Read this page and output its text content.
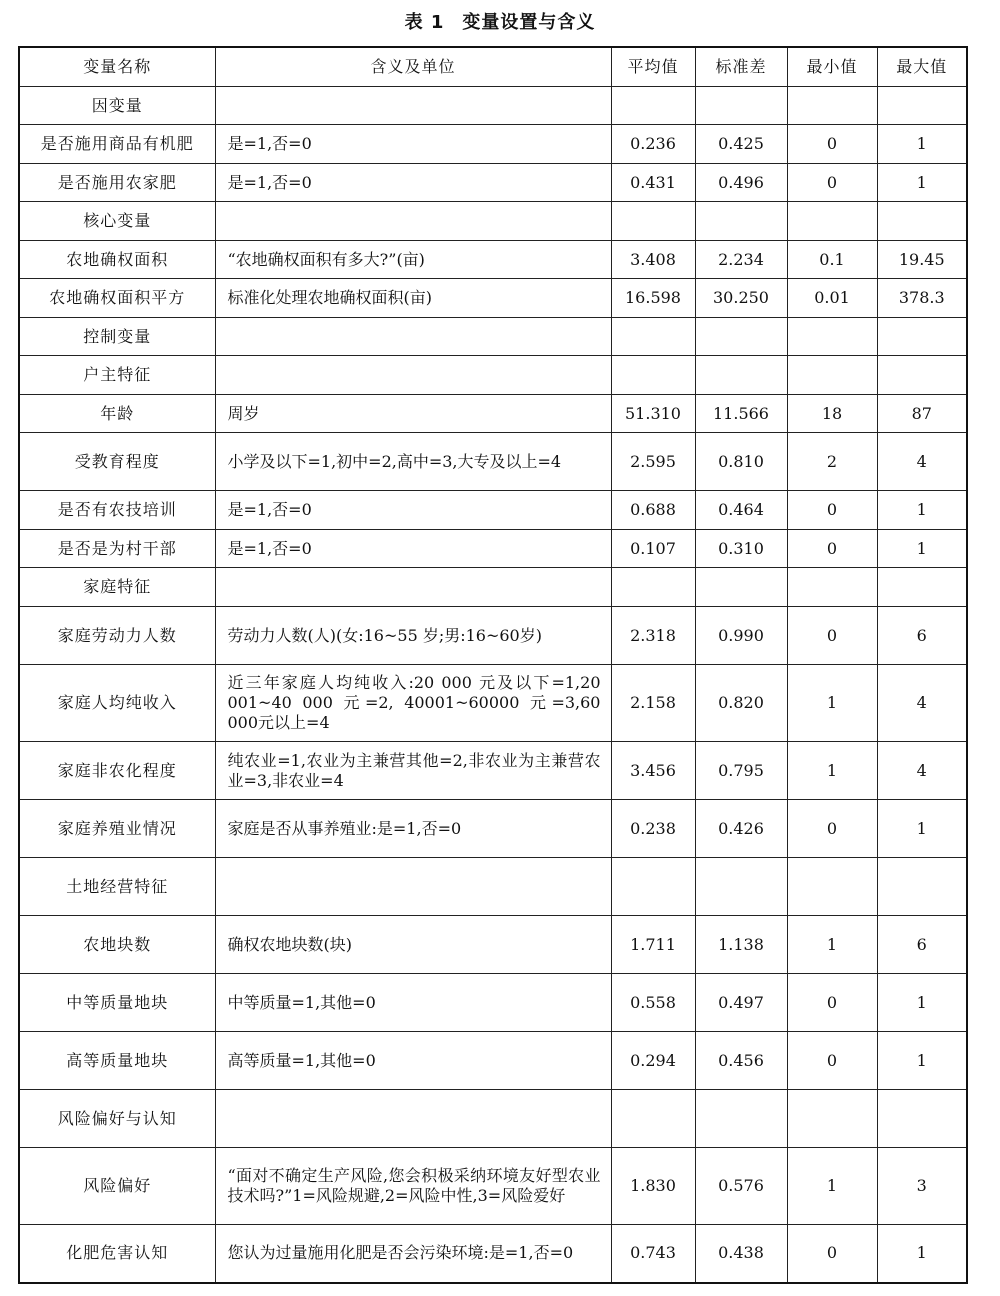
表 1 变量设置与含义
变量名称	含义及单位	平均值	标准差	最小值	最大值
因变量					
是否施用商品有机肥	是=1,否=0	0.236	0.425	0	1
是否施用农家肥	是=1,否=0	0.431	0.496	0	1
核心变量					
农地确权面积	“农地确权面积有多大?”(亩)	3.408	2.234	0.1	19.45
农地确权面积平方	标准化处理农地确权面积(亩)	16.598	30.250	0.01	378.3
控制变量					
户主特征					
年龄	周岁	51.310	11.566	18	87
受教育程度	小学及以下=1,初中=2,高中=3,大专及以上=4	2.595	0.810	2	4
是否有农技培训	是=1,否=0	0.688	0.464	0	1
是否是为村干部	是=1,否=0	0.107	0.310	0	1
家庭特征					
家庭劳动力人数	劳动力人数(人)(女:16~55 岁;男:16~60岁)	2.318	0.990	0	6
家庭人均纯收入	近三年家庭人均纯收入:20 000 元及以下=1,20 001~40 000 元=2, 40001~60000 元=3,60 000元以上=4	2.158	0.820	1	4
家庭非农化程度	纯农业=1,农业为主兼营其他=2,非农业为主兼营农业=3,非农业=4	3.456	0.795	1	4
家庭养殖业情况	家庭是否从事养殖业:是=1,否=0	0.238	0.426	0	1
土地经营特征					
农地块数	确权农地块数(块)	1.711	1.138	1	6
中等质量地块	中等质量=1,其他=0	0.558	0.497	0	1
高等质量地块	高等质量=1,其他=0	0.294	0.456	0	1
风险偏好与认知					
风险偏好	“面对不确定生产风险,您会积极采纳环境友好型农业技术吗?”1=风险规避,2=风险中性,3=风险爱好	1.830	0.576	1	3
化肥危害认知	您认为过量施用化肥是否会污染环境:是=1,否=0	0.743	0.438	0	1
